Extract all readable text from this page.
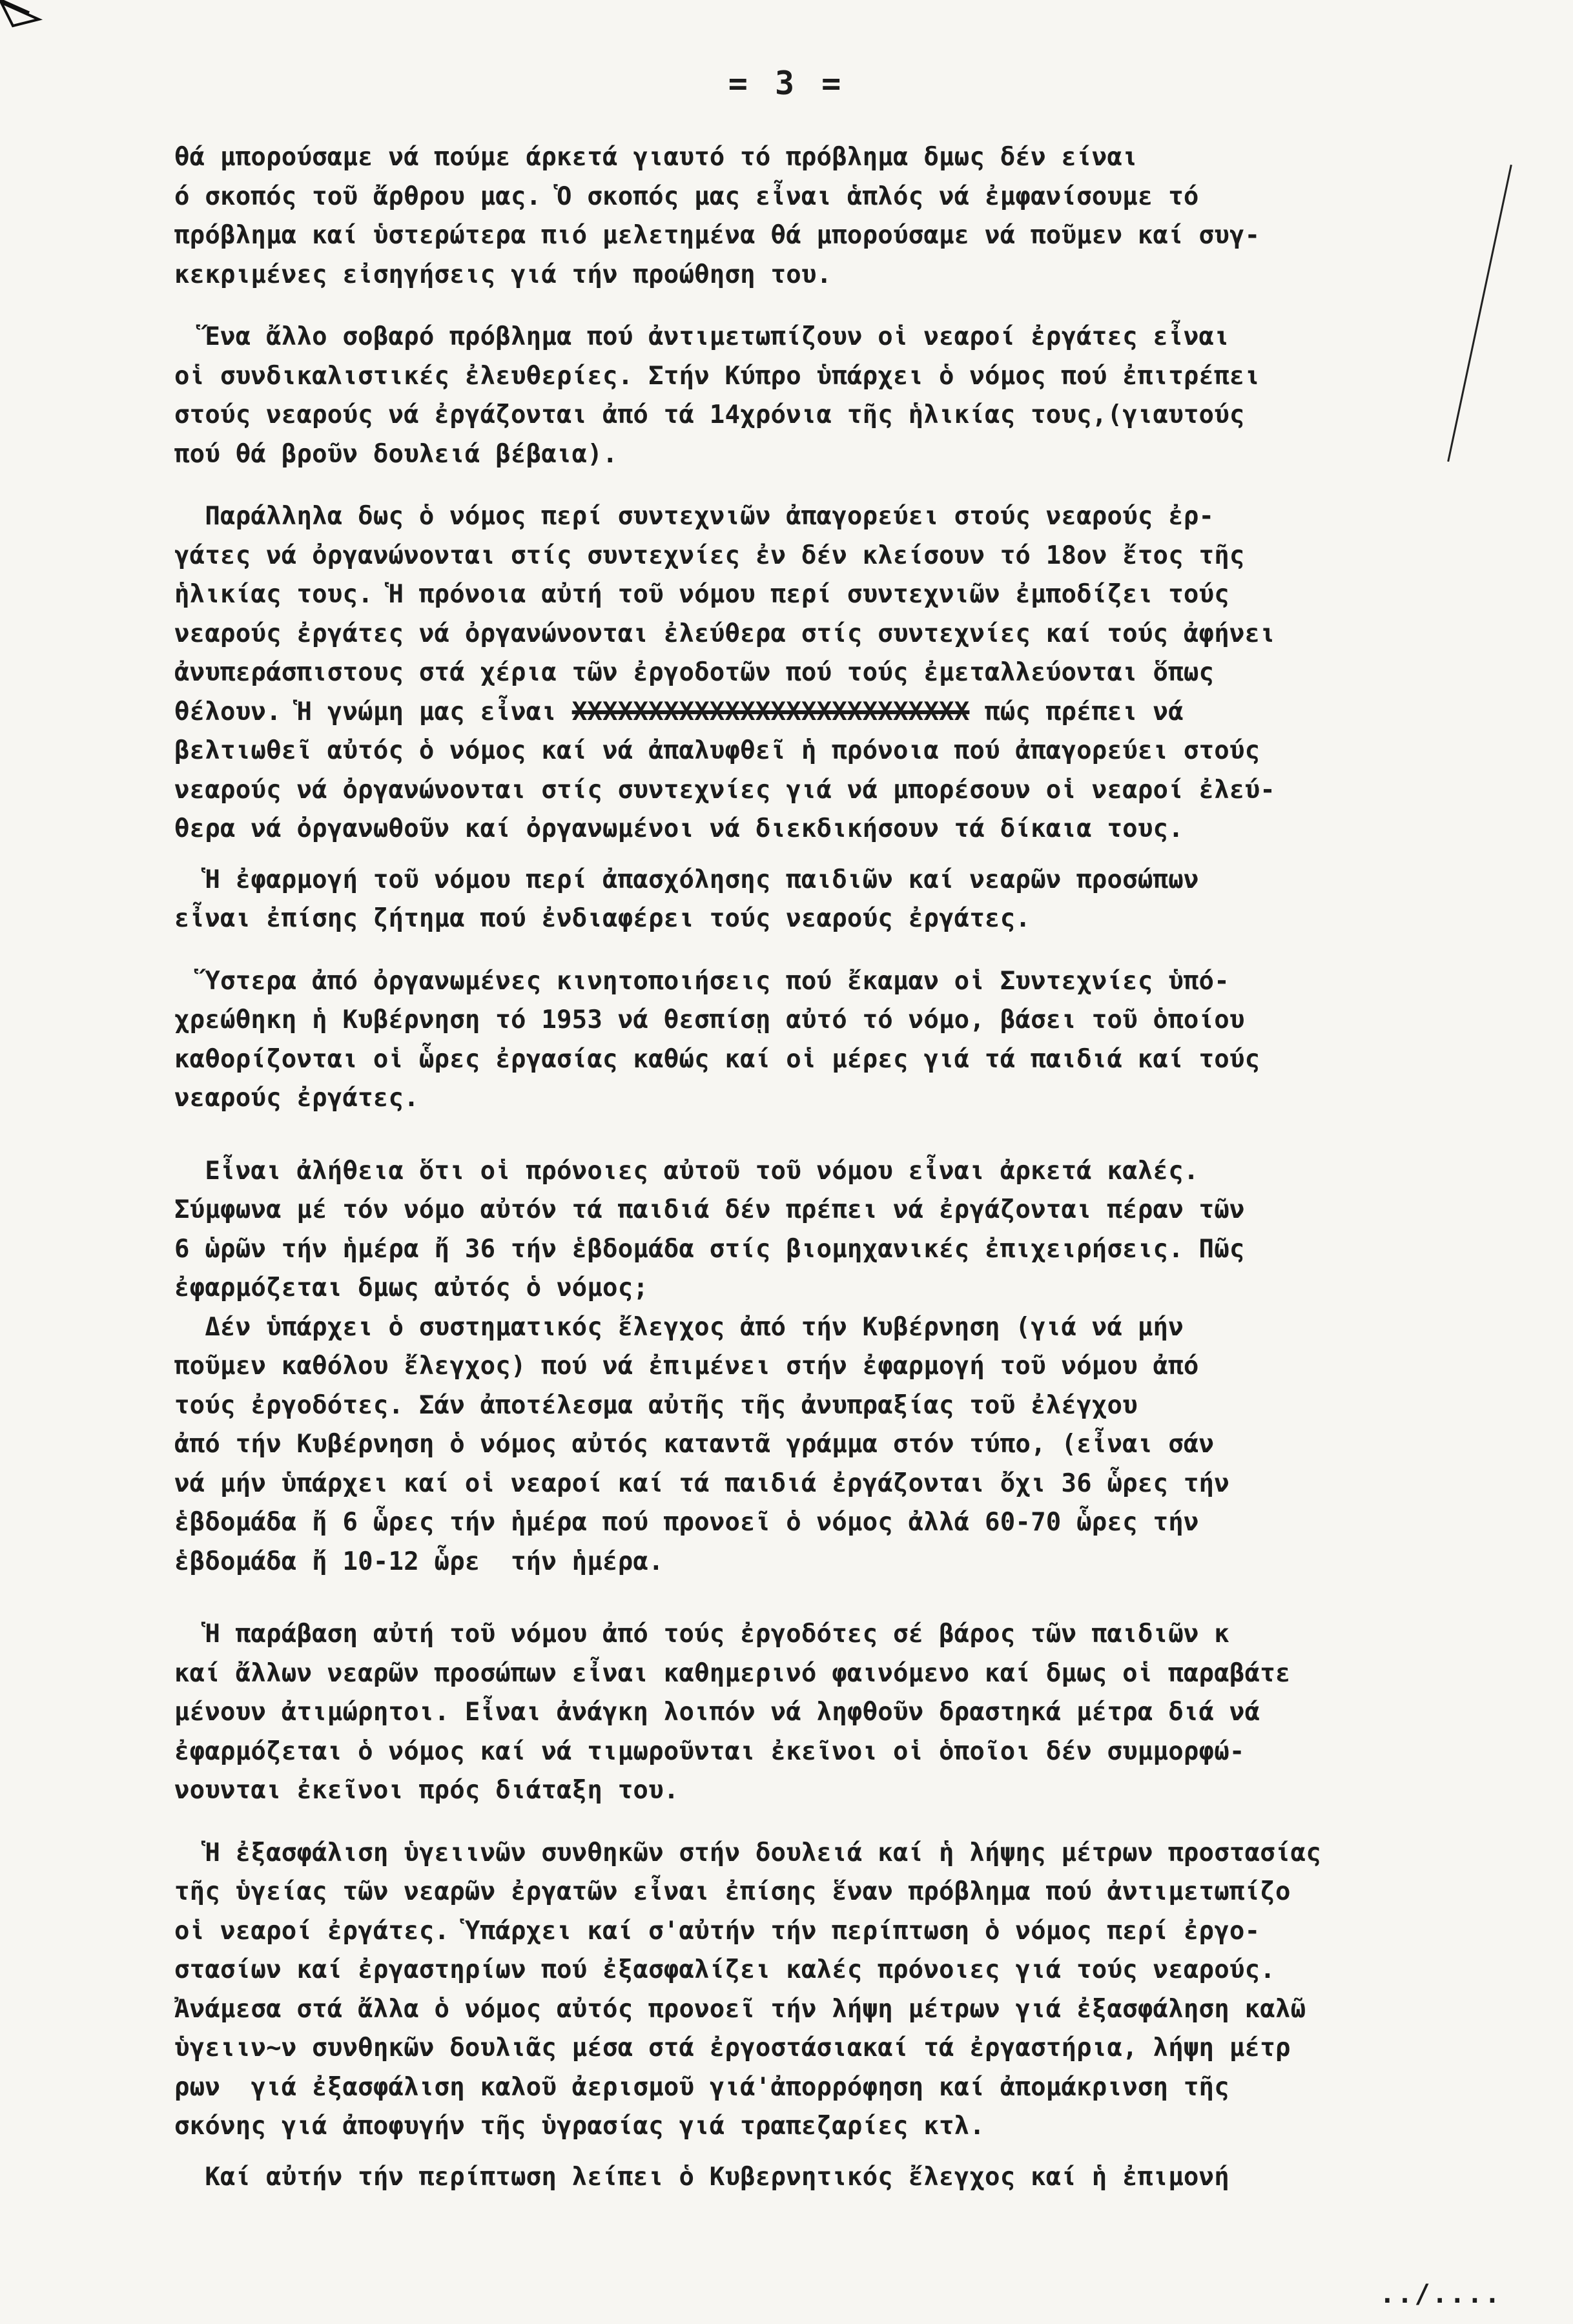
= 3 =
θά μπορούσαμε νά πούμε άρκετά γιαυτό τό πρόβλημα δμως δέν είναι
ό σκοπός τοῦ ἄρθρου μας. Ὁ σκοπός μας εἶναι ἁπλός νά ἐμφανίσουμε τό
πρόβλημα καί ὑστερώτερα πιό μελετημένα θά μπορούσαμε νά ποῦμεν καί συγ-
κεκριμένες εἰσηγήσεις γιά τήν προώθηση του.
Ἕνα ἄλλο σοβαρό πρόβλημα πού ἀντιμετωπίζουν οἱ νεαροί ἐργάτες εἶναι
οἱ συνδικαλιστικές ἐλευθερίες. Στήν Κύπρο ὑπάρχει ὁ νόμος πού ἐπιτρέπει
στούς νεαρούς νά ἐργάζονται ἀπό τά 14χρόνια τῆς ἡλικίας τους,(γιαυτούς
πού θά βροῦν δουλειά βέβαια).
Παράλληλα δως ὁ νόμος περί συντεχνιῶν ἀπαγορεύει στούς νεαρούς ἐρ-
γάτες νά ὀργανώνονται στίς συντεχνίες ἐν δέν κλείσουν τό 18ον ἔτος τῆς
ἡλικίας τους. Ἡ πρόνοια αὐτή τοῦ νόμου περί συντεχνιῶν ἐμποδίζει τούς
νεαρούς ἐργάτες νά ὀργανώνονται ἐλεύθερα στίς συντεχνίες καί τούς ἀφήνει
ἀνυπεράσπιστους στά χέρια τῶν ἐργοδοτῶν πού τούς ἐμεταλλεύονται ὅπως
θέλουν. Ἡ γνώμη μας εἶναι XXXXXXXXXXXXXXXXXXXXXXXXXX πώς πρέπει νά
βελτιωθεῖ αὐτός ὁ νόμος καί νά ἀπαλυφθεῖ ἡ πρόνοια πού ἀπαγορεύει στούς
νεαρούς νά ὀργανώνονται στίς συντεχνίες γιά νά μπορέσουν οἱ νεαροί ἐλεύ-
θερα νά ὀργανωθοῦν καί ὀργανωμένοι νά διεκδικήσουν τά δίκαια τους.
Ἡ ἐφαρμογή τοῦ νόμου περί ἀπασχόλησης παιδιῶν καί νεαρῶν προσώπων
εἶναι ἐπίσης ζήτημα πού ἐνδιαφέρει τούς νεαρούς ἐργάτες.
Ὕστερα ἀπό ὀργανωμένες κινητοποιήσεις πού ἔκαμαν οἱ Συντεχνίες ὑπό-
χρεώθηκη ἡ Κυβέρνηση τό 1953 νά θεσπίσῃ αὐτό τό νόμο, βάσει τοῦ ὁποίου
καθορίζονται οἱ ὧρες ἐργασίας καθώς καί οἱ μέρες γιά τά παιδιά καί τούς
νεαρούς ἐργάτες.
Εἶναι ἀλήθεια ὅτι οἱ πρόνοιες αὐτοῦ τοῦ νόμου εἶναι ἀρκετά καλές.
Σύμφωνα μέ τόν νόμο αὐτόν τά παιδιά δέν πρέπει νά ἐργάζονται πέραν τῶν
6 ὡρῶν τήν ἡμέρα ἤ 36 τήν ἑβδομάδα στίς βιομηχανικές ἐπιχειρήσεις. Πῶς
ἐφαρμόζεται δμως αὐτός ὁ νόμος;
Δέν ὑπάρχει ὁ συστηματικός ἔλεγχος ἀπό τήν Κυβέρνηση (γιά νά μήν
ποῦμεν καθόλου ἔλεγχος) πού νά ἐπιμένει στήν ἐφαρμογή τοῦ νόμου ἀπό
τούς ἐργοδότες. Σάν ἀποτέλεσμα αὐτῆς τῆς ἀνυπραξίας τοῦ ἐλέγχου
ἀπό τήν Κυβέρνηση ὁ νόμος αὐτός καταντᾶ γράμμα στόν τύπο, (εἶναι σάν
νά μήν ὑπάρχει καί οἱ νεαροί καί τά παιδιά ἐργάζονται ὄχι 36 ὧρες τήν
ἑβδομάδα ἤ 6 ὧρες τήν ἡμέρα πού προνοεῖ ὁ νόμος ἀλλά 60-70 ὧρες τήν
ἑβδομάδα ἤ 10-12 ὧρε  τήν ἡμέρα.
Ἡ παράβαση αὐτή τοῦ νόμου ἀπό τούς ἐργοδότες σέ βάρος τῶν παιδιῶν κ
καί ἄλλων νεαρῶν προσώπων εἶναι καθημερινό φαινόμενο καί δμως οἱ παραβάτε
μένουν ἀτιμώρητοι. Εἶναι ἀνάγκη λοιπόν νά ληφθοῦν δραστηκά μέτρα διά νά
ἐφαρμόζεται ὁ νόμος καί νά τιμωροῦνται ἐκεῖνοι οἱ ὁποῖοι δέν συμμορφώ-
νουνται ἐκεῖνοι πρός διάταξη του.
Ἡ ἐξασφάλιση ὑγειινῶν συνθηκῶν στήν δουλειά καί ἡ λήψης μέτρων προστασίας
τῆς ὑγείας τῶν νεαρῶν ἐργατῶν εἶναι ἐπίσης ἕναν πρόβλημα πού ἀντιμετωπίζο
οἱ νεαροί ἐργάτες. Ὑπάρχει καί σ'αὐτήν τήν περίπτωση ὁ νόμος περί ἐργο-
στασίων καί ἐργαστηρίων πού ἐξασφαλίζει καλές πρόνοιες γιά τούς νεαρούς.
Ἀνάμεσα στά ἄλλα ὁ νόμος αὐτός προνοεῖ τήν λήψη μέτρων γιά ἐξασφάληση καλῶ
ὑγειιν~ν συνθηκῶν δουλιᾶς μέσα στά ἐργοστάσιακαί τά ἐργαστήρια, λήψη μέτρ
ρων  γιά ἐξασφάλιση καλοῦ ἀερισμοῦ γιά'ἀπορρόφηση καί ἀπομάκρινση τῆς
σκόνης γιά ἀποφυγήν τῆς ὑγρασίας γιά τραπεζαρίες κτλ.
Καί αὐτήν τήν περίπτωση λείπει ὁ Κυβερνητικός ἔλεγχος καί ἡ ἐπιμονή
../....
